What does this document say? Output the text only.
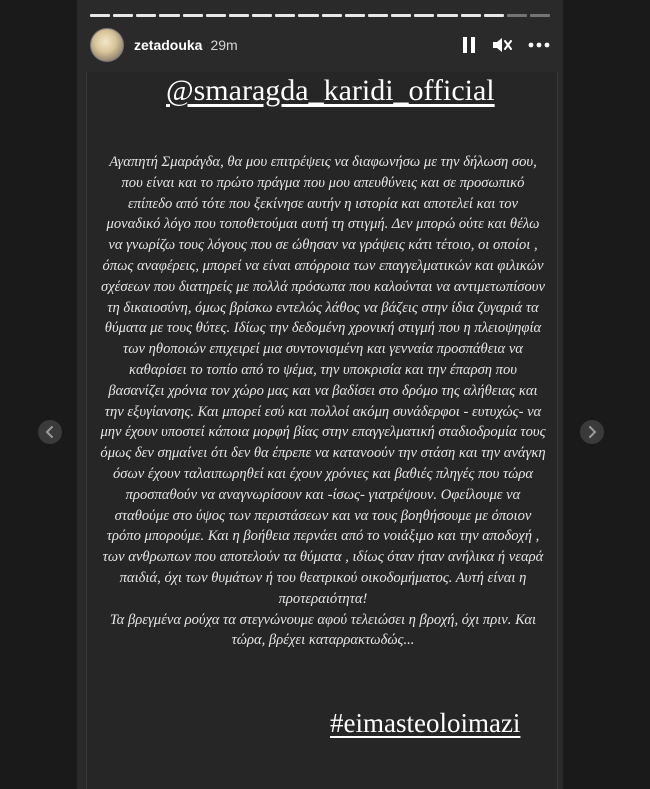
zetadouka 29m
@smaragda_karidi_official

Αγαπητή Σμαράγδα, θα μου επιτρέψεις να διαφωνήσω με την δήλωση σου, που είναι και το πρώτο πράγμα που μου απευθύνεις και σε προσωπικό επίπεδο από τότε που ξεκίνησε αυτήν η ιστορία και αποτελεί και τον μοναδικό λόγο που τοποθετούμαι αυτή τη στιγμή. Δεν μπορώ ούτε και θέλω να γνωρίζω τους λόγους που σε ώθησαν να γράψεις κάτι τέτοιο, οι οποίοι , όπως αναφέρεις, μπορεί να είναι απόρροια των επαγγελματικών και φιλικών σχέσεων που διατηρείς με πολλά πρόσωπα που καλούνται να αντιμετωπίσουν τη δικαιοσύνη, όμως βρίσκω εντελώς λάθος να βάζεις στην ίδια ζυγαριά τα θύματα με τους θύτες. Ιδίως την δεδομένη χρονική στιγμή που η πλειοψηφία των ηθοποιών επιχειρεί μια συντονισμένη και γενναία προσπάθεια να καθαρίσει το τοπίο από το ψέμα, την υποκρισία και την έπαρση που βασανίζει χρόνια τον χώρο μας και να βαδίσει στο δρόμο της αλήθειας και την εξυγίανσης. Και μπορεί εσύ και πολλοί ακόμη συνάδερφοι - ευτυχώς- να μην έχουν υποστεί κάποια μορφή βίας στην επαγγελματική σταδιοδρομία τους όμως δεν σημαίνει ότι δεν θα έπρεπε να κατανοούν την στάση και την ανάγκη όσων έχουν ταλαιπωρηθεί και έχουν χρόνιες και βαθιές πληγές που τώρα προσπαθούν να αναγνωρίσουν και -ίσως- γιατρέψουν. Οφείλουμε να σταθούμε στο ύψος των περιστάσεων και να τους βοηθήσουμε με όποιον τρόπο μπορούμε. Και η βοήθεια περνάει από το νοιάξιμο και την αποδοχή , των ανθρωπων που αποτελούν τα θύματα , ιδίως όταν ήταν ανήλικα ή νεαρά παιδιά, όχι των θυμάτων ή του θεατρικού οικοδομήματος. Αυτή είναι η προτεραιότητα!

Τα βρεγμένα ρούχα τα στεγνώνουμε αφού τελειώσει η βροχή, όχι πριν. Και τώρα, βρέχει καταρρακτωδώς...

#eimasteoloimazi
